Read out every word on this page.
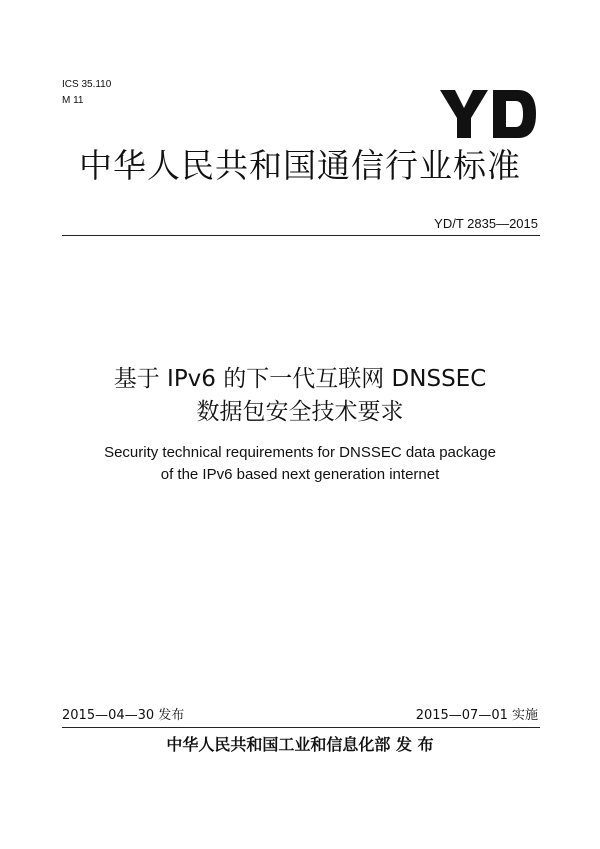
ICS 35.110
M 11
中华人民共和国通信行业标准
YD/T 2835—2015
基于 IPv6 的下一代互联网 DNSSEC
数据包安全技术要求
Security technical requirements for DNSSEC data package
of the IPv6 based next generation internet
2015—04—30 发布	2015—07—01 实施
中华人民共和国工业和信息化部 发 布
